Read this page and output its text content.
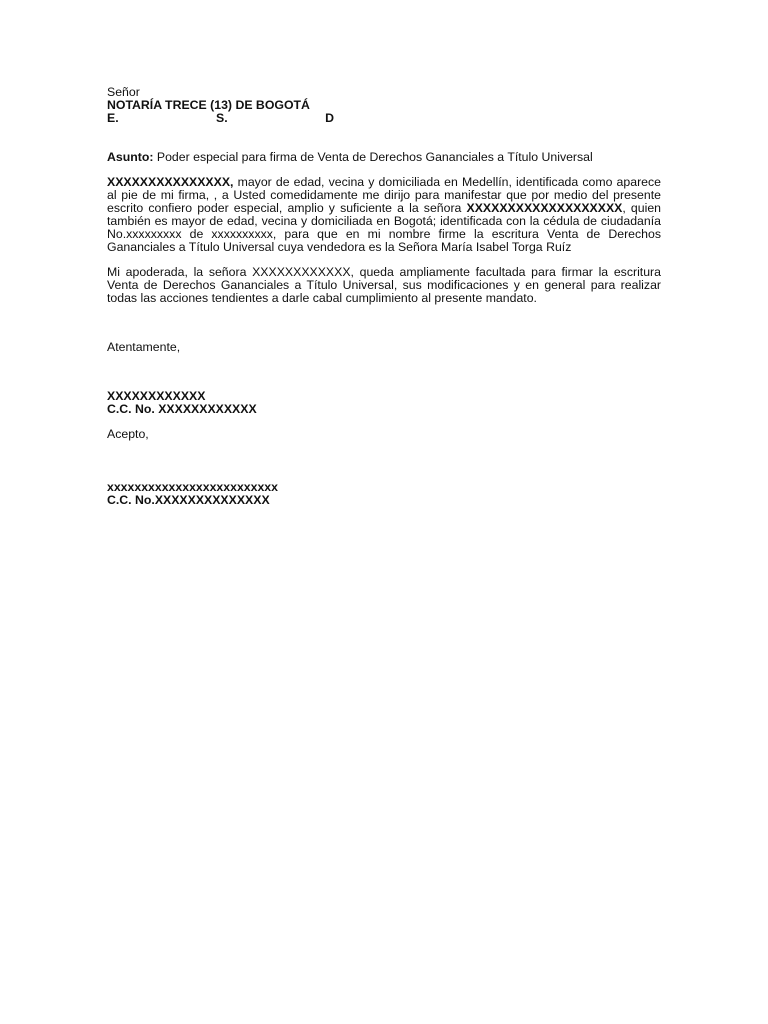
Señor
NOTARÍA TRECE (13) DE BOGOTÁ
E.	S.	D
Asunto: Poder especial para firma de Venta de Derechos Gananciales a Título Universal

XXXXXXXXXXXXXXX, mayor de edad, vecina y domiciliada en Medellín, identificada como aparece al pie de mi firma, , a Usted comedidamente me dirijo para manifestar que por medio del presente escrito confiero poder especial, amplio y suficiente a la señora XXXXXXXXXXXXXXXXXXX, quien también es mayor de edad, vecina y domiciliada en Bogotá; identificada con la cédula de ciudadanía No.xxxxxxxxx de xxxxxxxxxx, para que en mi nombre firme la escritura Venta de Derechos Gananciales a Título Universal cuya vendedora es la Señora María Isabel Torga Ruíz

Mi apoderada, la señora XXXXXXXXXXXX, queda ampliamente facultada para firmar la escritura Venta de Derechos Gananciales a Título Universal, sus modificaciones y en general para realizar todas las acciones tendientes a darle cabal cumplimiento al presente mandato.

Atentamente,
XXXXXXXXXXXX
C.C. No. XXXXXXXXXXXX
Acepto,
xxxxxxxxxxxxxxxxxxxxxxxxx
C.C. No.XXXXXXXXXXXXXX
